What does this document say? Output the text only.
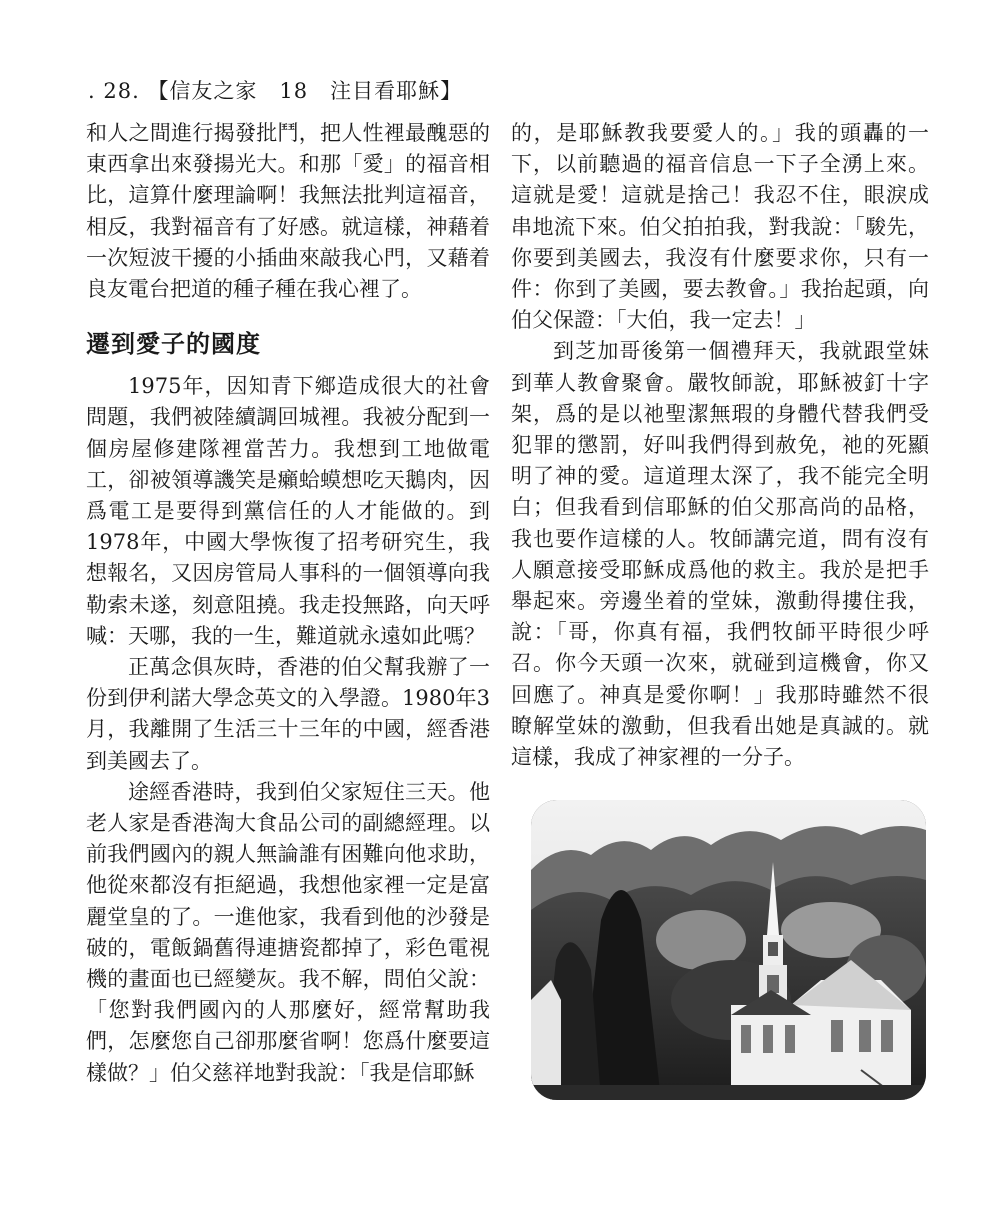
. 28. 【信友之家　18　注目看耶穌】

和人之間進行揭發批鬥，把人性裡最醜惡的東西拿出來發揚光大。和那「愛」的福音相比，這算什麼理論啊！我無法批判這福音，相反，我對福音有了好感。就這樣，神藉着一次短波干擾的小插曲來敲我心門，又藉着良友電台把道的種子種在我心裡了。

遷到愛子的國度

1975年，因知青下鄉造成很大的社會問題，我們被陸續調回城裡。我被分配到一個房屋修建隊裡當苦力。我想到工地做電工，卻被領導譏笑是癩蛤蟆想吃天鵝肉，因爲電工是要得到黨信任的人才能做的。到1978年，中國大學恢復了招考研究生，我想報名，又因房管局人事科的一個領導向我勒索未遂，刻意阻撓。我走投無路，向天呼喊：天哪，我的一生，難道就永遠如此嗎？

正萬念俱灰時，香港的伯父幫我辦了一份到伊利諾大學念英文的入學證。1980年3月，我離開了生活三十三年的中國，經香港到美國去了。

途經香港時，我到伯父家短住三天。他老人家是香港淘大食品公司的副總經理。以前我們國內的親人無論誰有困難向他求助，他從來都沒有拒絕過，我想他家裡一定是富麗堂皇的了。一進他家，我看到他的沙發是破的，電飯鍋舊得連搪瓷都掉了，彩色電視機的畫面也已經變灰。我不解，問伯父說：「您對我們國內的人那麼好，經常幫助我們，怎麼您自己卻那麼省啊！您爲什麼要這樣做？」伯父慈祥地對我說：「我是信耶穌

的，是耶穌教我要愛人的。」我的頭轟的一下，以前聽過的福音信息一下子全湧上來。這就是愛！這就是捨己！我忍不住，眼淚成串地流下來。伯父拍拍我，對我說：「駿先，你要到美國去，我沒有什麼要求你，只有一件：你到了美國，要去教會。」我抬起頭，向伯父保證：「大伯，我一定去！」

到芝加哥後第一個禮拜天，我就跟堂妹到華人教會聚會。嚴牧師說，耶穌被釘十字架，爲的是以祂聖潔無瑕的身體代替我們受犯罪的懲罰，好叫我們得到赦免，祂的死顯明了神的愛。這道理太深了，我不能完全明白；但我看到信耶穌的伯父那高尚的品格，我也要作這樣的人。牧師講完道，問有沒有人願意接受耶穌成爲他的救主。我於是把手舉起來。旁邊坐着的堂妹，激動得摟住我，說：「哥，你真有福，我們牧師平時很少呼召。你今天頭一次來，就碰到這機會，你又回應了。神真是愛你啊！」我那時雖然不很瞭解堂妹的激動，但我看出她是真誠的。就這樣，我成了神家裡的一分子。
